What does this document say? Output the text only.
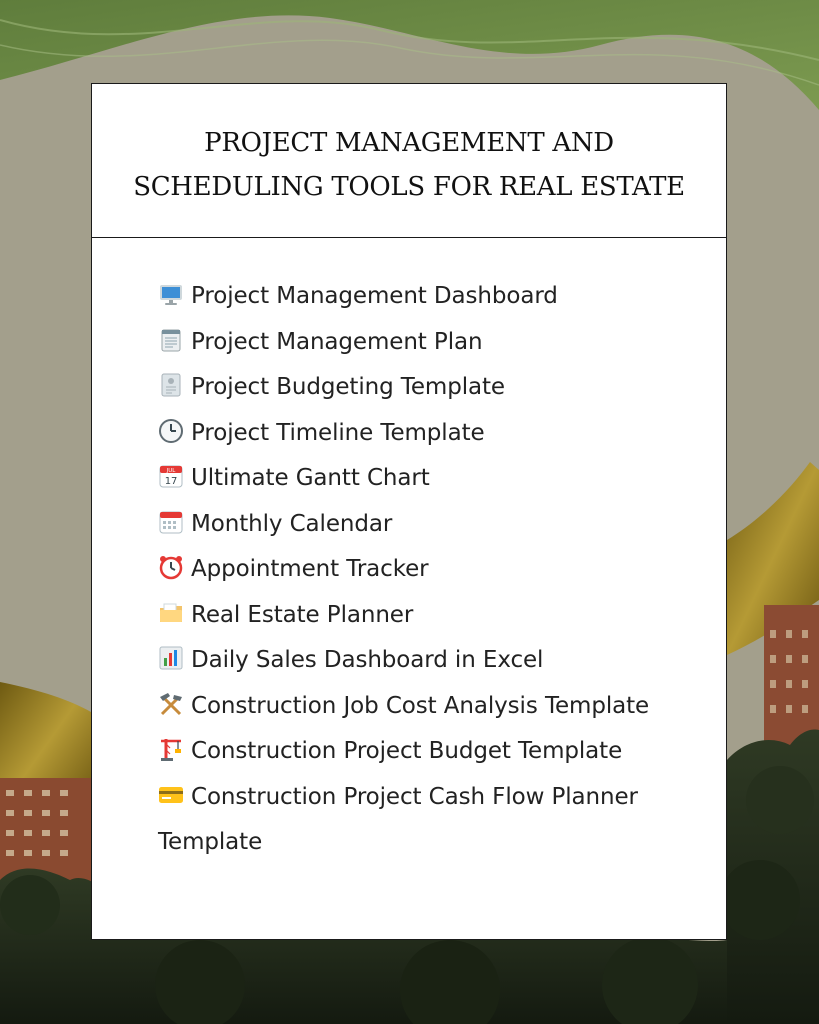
PROJECT MANAGEMENT AND SCHEDULING TOOLS FOR REAL ESTATE
Project Management Dashboard
Project Management Plan
Project Budgeting Template
Project Timeline Template
JUL
17 Ultimate Gantt Chart
Monthly Calendar
Appointment Tracker
Real Estate Planner
Daily Sales Dashboard in Excel
Construction Job Cost Analysis Template
Construction Project Budget Template
Construction Project Cash Flow Planner Template
